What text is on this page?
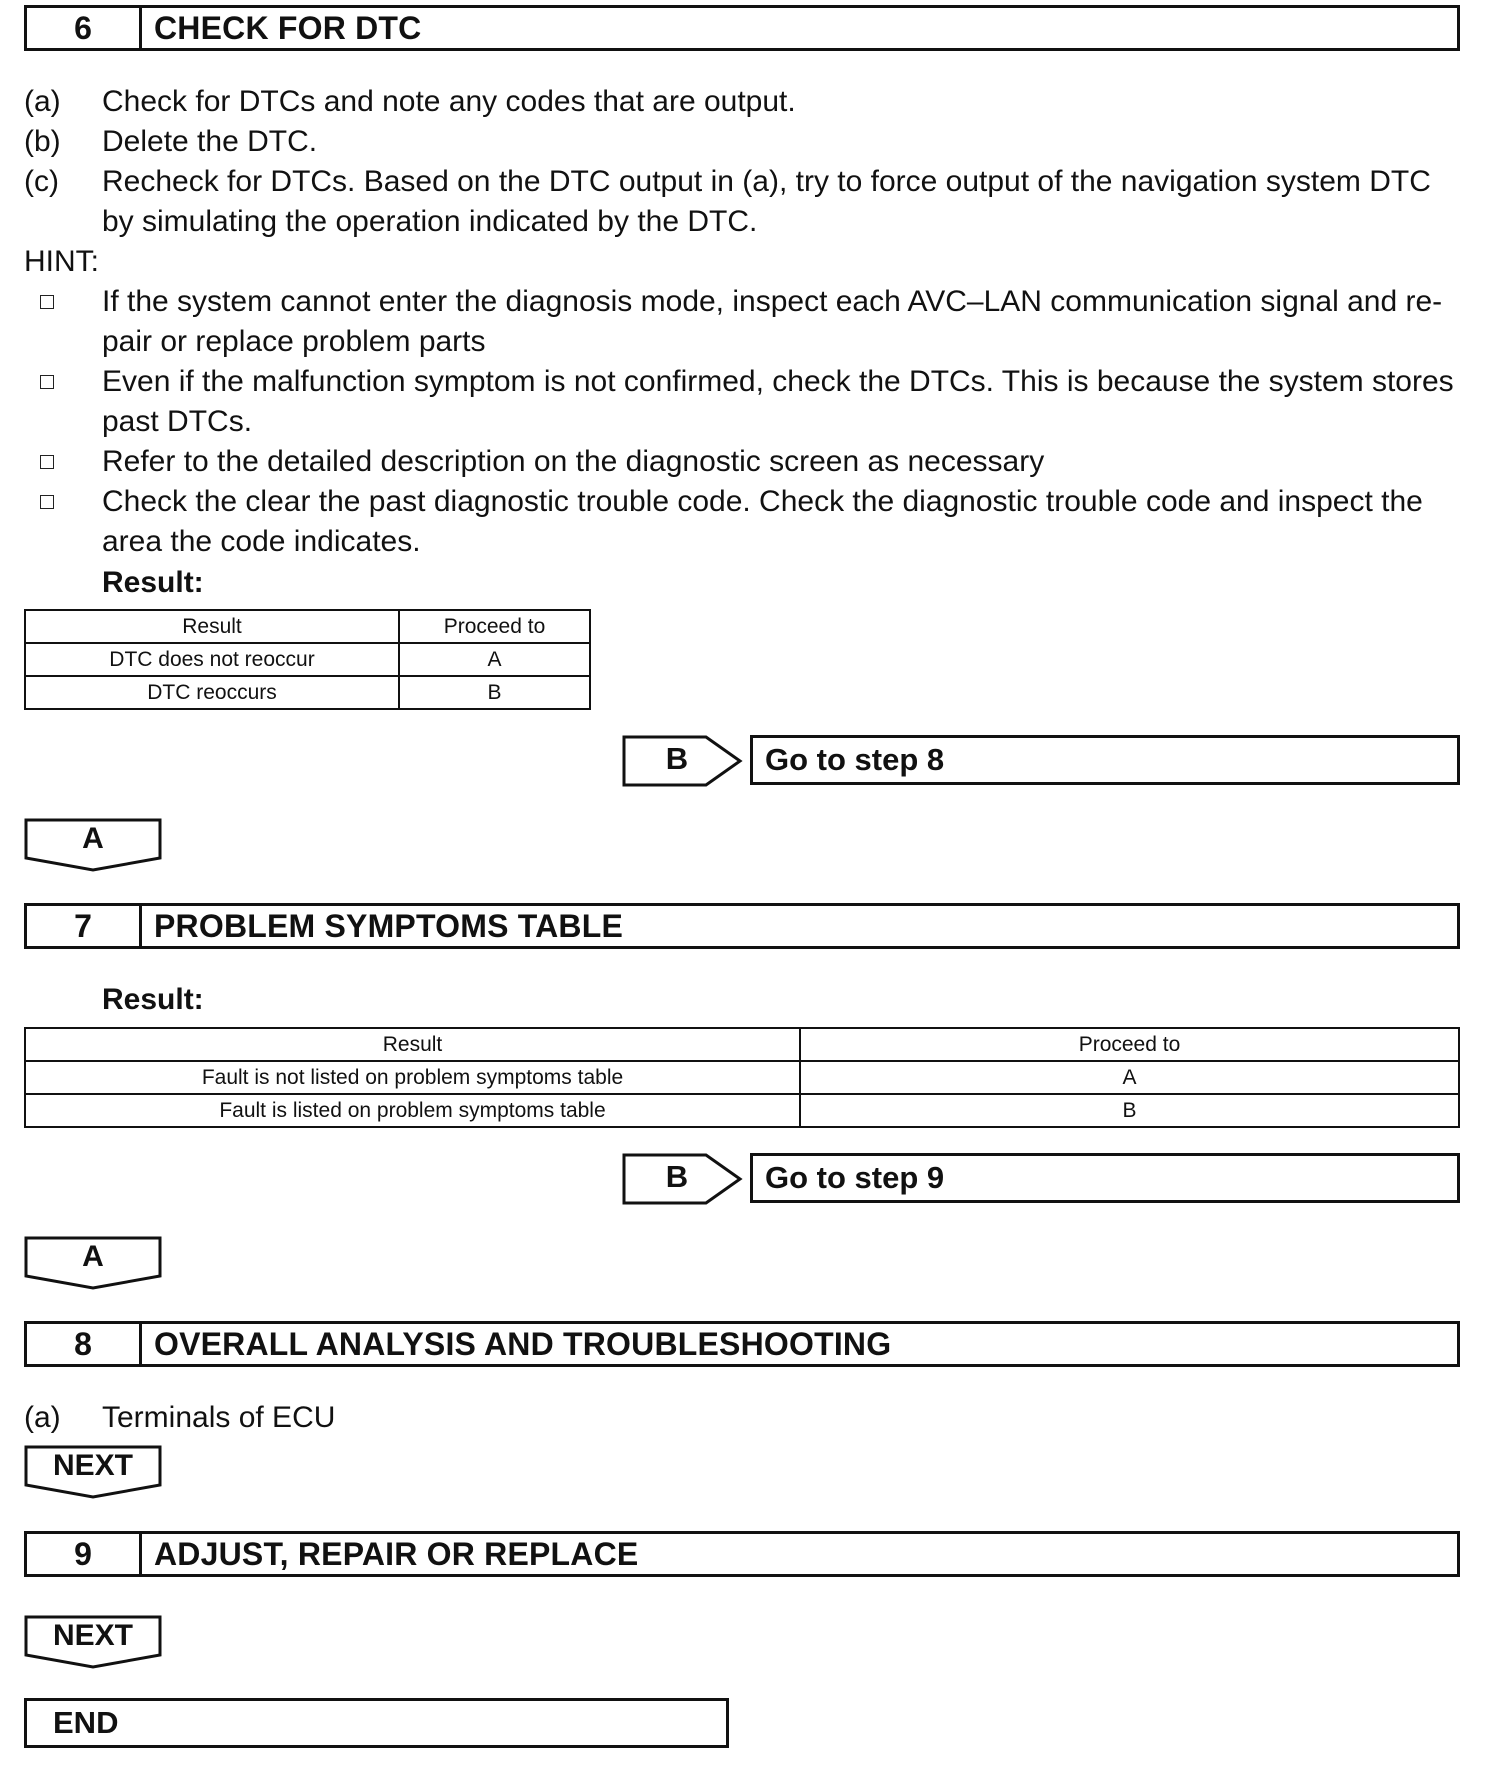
6	CHECK FOR DTC
(a) Check for DTCs and note any codes that are output.
(b) Delete the DTC.
(c) Recheck for DTCs. Based on the DTC output in (a), try to force output of the navigation system DTC
by simulating the operation indicated by the DTC.
HINT:
If the system cannot enter the diagnosis mode, inspect each AVC–LAN communication signal and re-
pair or replace problem parts
Even if the malfunction symptom is not confirmed, check the DTCs. This is because the system stores
past DTCs.
Refer to the detailed description on the diagnostic screen as necessary
Check the clear the past diagnostic trouble code. Check the diagnostic trouble code and inspect the
area the code indicates.
Result:
Result	Proceed to
DTC does not reoccur	A
DTC reoccurs	B
B	Go to step 8
A
7	PROBLEM SYMPTOMS TABLE
Result:
Result	Proceed to
Fault is not listed on problem symptoms table	A
Fault is listed on problem symptoms table	B
B	Go to step 9
A
8	OVERALL ANALYSIS AND TROUBLESHOOTING
(a) Terminals of ECU
NEXT
9	ADJUST, REPAIR OR REPLACE
NEXT
END
